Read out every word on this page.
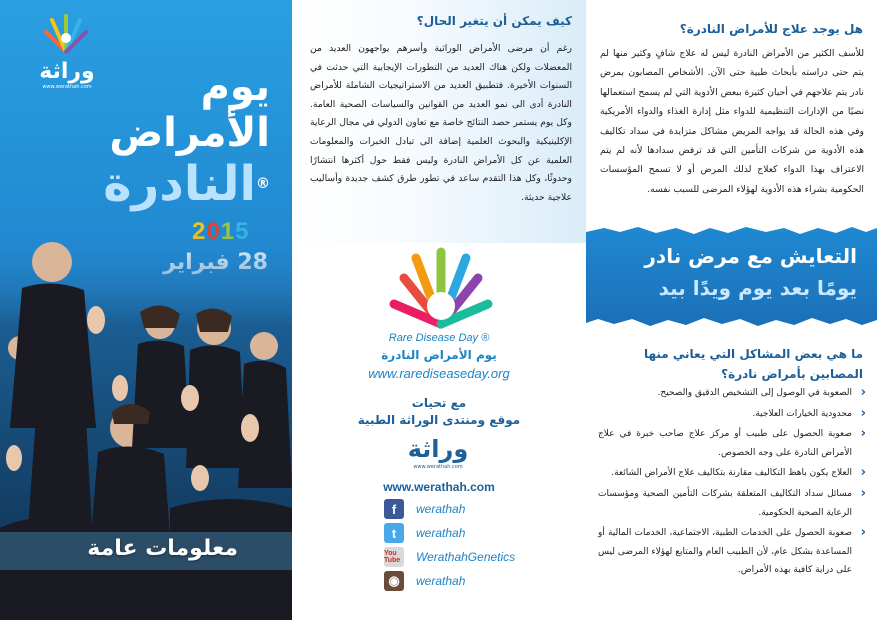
وراثة
www.werathah.com	يوم
الأمراض
®النادرة
معلومات عامة
كيف يمكن أن يتغير الحال؟
رغم أن مرضى الأمراض الوراثية وأسرهم يواجهون العديد من المعضلات ولكن هناك العديد من التطورات الإيجابية التي حدثت في السنوات الأخيرة. فتطبيق العديد من الاستراتيجيات الشاملة للأمراض النادرة أدى الى نمو العديد من القوانين والسياسات الصحية العامة. وكل يوم يستمر حصد النتائج خاصة مع تعاون الدولي في مجال الرعاية الإكلينيكية والبحوث العلمية إضافة الى تبادل الخبرات والمعلومات العلمية عن كل الأمراض النادرة وليس فقط حول أكثرها انتشارًا وحدوثًا، وكل هذا التقدم ساعد في تطور طرق كشف جديدة وأساليب علاجية حديثة.
Rare Disease Day ®
يوم الأمراض النادرة
www.rarediseaseday.org
مع تحيات
موقع ومنتدى الوراثة الطبية
وراثة
www.werathah.com
www.werathah.com
f	werathah
t	werathah
You Tube	WerathahGenetics
◉	werathah
هل يوجد علاج للأمراض النادرة؟
للأسف الكثير من الأمراض النادرة ليس له علاج شافٍ وكثير منها لم يتم حتى دراسته بأبحاث طبية حتى الآن. الأشخاص المصابون بمرض نادر يتم علاجهم في أحيان كثيرة ببعض الأدوية التي لم يسمح استعمالها نصيًا من الإدارات التنظيمية للدواء مثل إدارة الغذاء والدواء الأمريكية وفي هذه الحالة قد يواجه المريض مشاكل متزايدة في سداد تكاليف هذه الأدوية من شركات التأمين التي قد ترفض سدادها لأنه لم يتم الاعتراف بهذا الدواء كعلاج لذلك المرض أو لا تسمح المؤسسات الحكومية بشراء هذه الأدوية لهؤلاء المرضى للسبب نفسه.
التعايش مع مرض نادر
يومًا بعد يوم ويدًا بيد
ما هي بعض المشاكل التي يعاني منها المصابين بأمراض نادرة؟
‹ الصعوبة في الوصول إلى التشخيص الدقيق والصحيح.
‹ محدودية الخيارات العلاجية.
‹ صعوبة الحصول على طبيب أو مركز علاج صاحب خبرة في علاج الأمراض النادرة على وجه الخصوص.
‹ العلاج يكون باهظ التكاليف مقارنة بتكاليف علاج الأمراض الشائعة.
‹ مسائل سداد التكاليف المتعلقة بشركات التأمين الصحية ومؤسسات الرعاية الصحية الحكومية.
‹ صعوبة الحصول على الخدمات الطبية، الاجتماعية، الخدمات المالية أو المساعدة بشكل عام، لأن الطبيب العام والمتابع لهؤلاء المرضى ليس على دراية كافية بهذه الأمراض.
